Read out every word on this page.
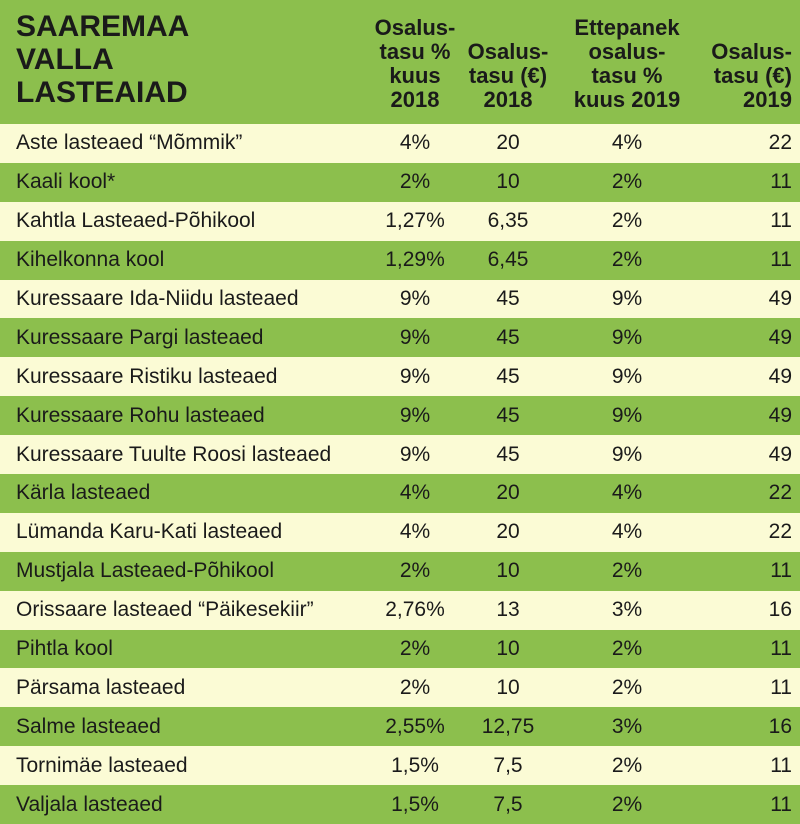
SAAREMAA
VALLA
LASTEAIAD	Osalus-
tasu %
kuus
2018	Osalus-
tasu (€)
2018	Ettepanek
osalus-
tasu %
kuus 2019	Osalus-
tasu (€)
2019

Aste lasteaed “Mõmmik”	4%	20	4%	22
Kaali kool*	2%	10	2%	11
Kahtla Lasteaed-Põhikool	1,27%	6,35	2%	11
Kihelkonna kool	1,29%	6,45	2%	11
Kuressaare Ida-Niidu lasteaed	9%	45	9%	49
Kuressaare Pargi lasteaed	9%	45	9%	49
Kuressaare Ristiku lasteaed	9%	45	9%	49
Kuressaare Rohu lasteaed	9%	45	9%	49
Kuressaare Tuulte Roosi lasteaed	9%	45	9%	49
Kärla lasteaed	4%	20	4%	22
Lümanda Karu-Kati lasteaed	4%	20	4%	22
Mustjala Lasteaed-Põhikool	2%	10	2%	11
Orissaare lasteaed “Päikesekiir”	2,76%	13	3%	16
Pihtla kool	2%	10	2%	11
Pärsama lasteaed	2%	10	2%	11
Salme lasteaed	2,55%	12,75	3%	16
Tornimäe lasteaed	1,5%	7,5	2%	11
Valjala lasteaed	1,5%	7,5	2%	11
